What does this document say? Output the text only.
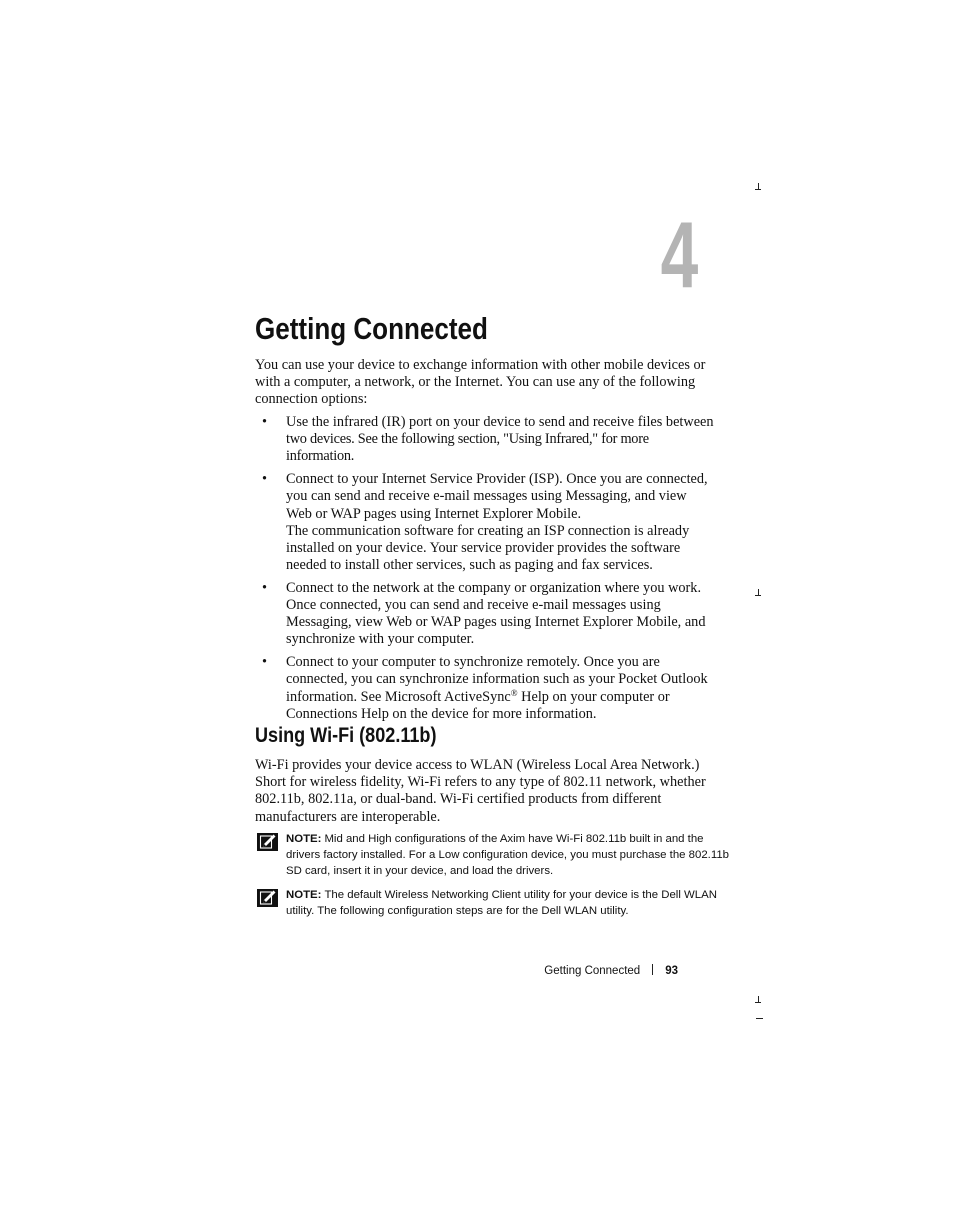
4
Getting Connected

You can use your device to exchange information with other mobile devices or with a computer, a network, or the Internet. You can use any of the following connection options:

• Use the infrared (IR) port on your device to send and receive files between
two devices. See the following section, "Using Infrared," for more information.
• Connect to your Internet Service Provider (ISP). Once you are connected, you can send and receive e-mail messages using Messaging, and view Web or WAP pages using Internet Explorer Mobile.
The communication software for creating an ISP connection is already installed on your device. Your service provider provides the software needed to install other services, such as paging and fax services.
• Connect to the network at the company or organization where you work. Once connected, you can send and receive e-mail messages using Messaging, view Web or WAP pages using Internet Explorer Mobile, and synchronize with your computer.
• Connect to your computer to synchronize remotely. Once you are connected, you can synchronize information such as your Pocket Outlook information. See Microsoft ActiveSync® Help on your computer or Connections Help on the device for more information.
Using Wi-Fi (802.11b)

Wi-Fi provides your device access to WLAN (Wireless Local Area Network.) Short for wireless fidelity, Wi-Fi refers to any type of 802.11 network, whether 802.11b, 802.11a, or dual-band. Wi-Fi certified products from different manufacturers are interoperable.

NOTE: Mid and High configurations of the Axim have Wi-Fi 802.11b built in and the drivers factory installed. For a Low configuration device, you must purchase the 802.11b SD card, insert it in your device, and load the drivers.
NOTE: The default Wireless Networking Client utility for your device is the Dell WLAN utility. The following configuration steps are for the Dell WLAN utility.
Getting Connected 93
